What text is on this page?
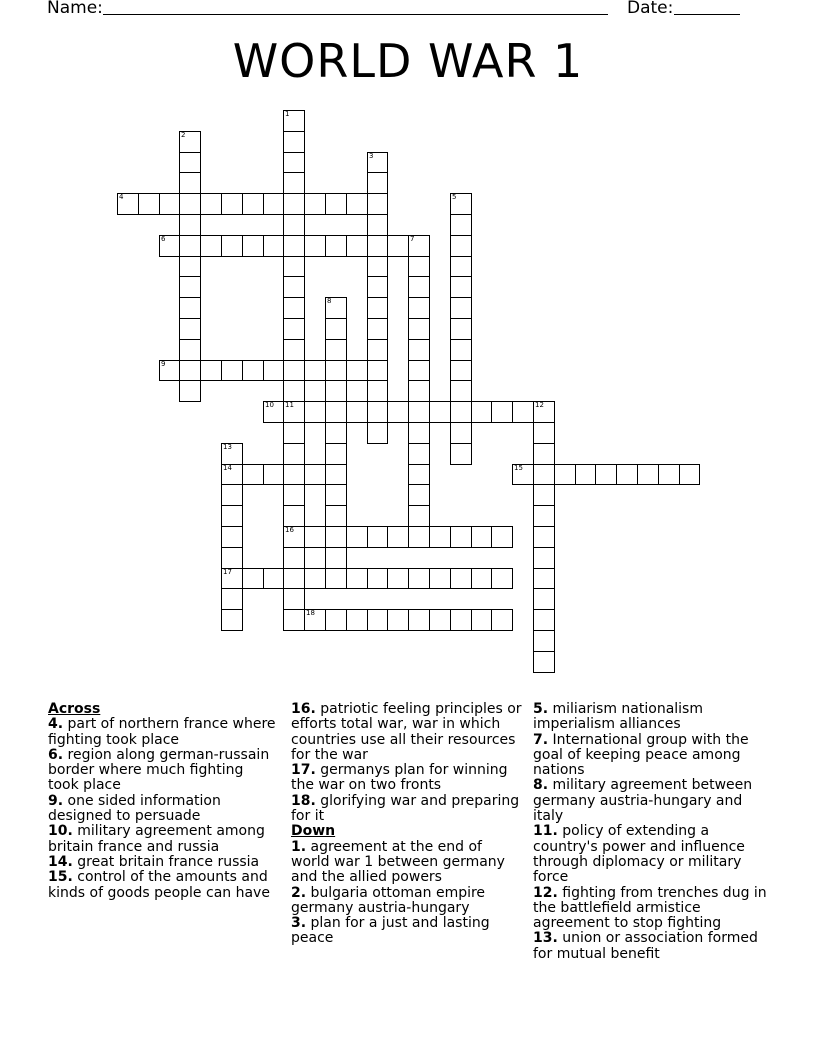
Name:	Date:
WORLD WAR 1
1
11
2
3
4	5
6	7
8
9
10
16
12
13
14
17
15
18
Across
4. part of northern france where fighting took place
6. region along german-russain border where much fighting took place
9. one sided information designed to persuade
10. military agreement among britain france and russia
14. great britain france russia
15. control of the amounts and kinds of goods people can have
16. patriotic feeling principles or efforts total war, war in which countries use all their resources for the war
17. germanys plan for winning the war on two fronts
18. glorifying war and preparing for it
Down
1. agreement at the end of world war 1 between germany and the allied powers
2. bulgaria ottoman empire germany austria-hungary
3. plan for a just and lasting peace
5. miliarism nationalism imperialism alliances
7. International group with the goal of keeping peace among nations
8. military agreement between germany austria-hungary and italy
11. policy of extending a country's power and influence through diplomacy or military force
12. fighting from trenches dug in the battlefield armistice agreement to stop fighting
13. union or association formed for mutual benefit
